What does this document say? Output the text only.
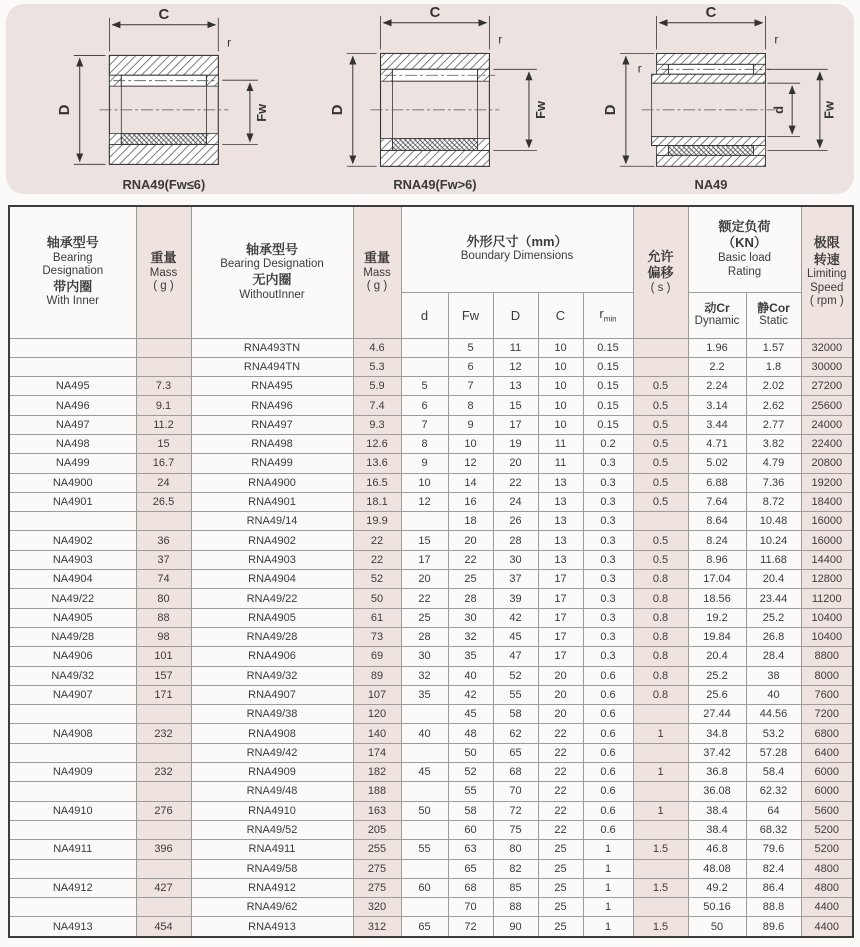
C
r
D	Fw
RNA49(Fw≤6)
C
r
D	Fw
RNA49(Fw>6)
C
r
r
D	d	Fw
NA49
轴承型号
Bearing
Designation
带内圈
With Inner

重量
Mass
( g )

轴承型号
Bearing Designation
无内圈
WithoutInner

重量
Mass
( g )

外形尺寸（mm）
Boundary Dimensions	允许
偏移
( s )

额定负荷
（KN）
Basic load
Rating

极限
转速
Limiting
Speed
( rpm )

d	Fw	D	C	$r_{min}$	
动Cr
Dynamic

静Cor
Static

		RNA493TN	4.6		5	11	10	0.15		1.96	1.57	32000
		RNA494TN	5.3		6	12	10	0.15		2.2	1.8	30000
NA495	7.3	RNA495	5.9	5	7	13	10	0.15	0.5	2.24	2.02	27200
NA496	9.1	RNA496	7.4	6	8	15	10	0.15	0.5	3.14	2.62	25600
NA497	11.2	RNA497	9.3	7	9	17	10	0.15	0.5	3.44	2.77	24000
NA498	15	RNA498	12.6	8	10	19	11	0.2	0.5	4.71	3.82	22400
NA499	16.7	RNA499	13.6	9	12	20	11	0.3	0.5	5.02	4.79	20800
NA4900	24	RNA4900	16.5	10	14	22	13	0.3	0.5	6.88	7.36	19200
NA4901	26.5	RNA4901	18.1	12	16	24	13	0.3	0.5	7.64	8.72	18400
		RNA49/14	19.9		18	26	13	0.3		8.64	10.48	16000
NA4902	36	RNA4902	22	15	20	28	13	0.3	0.5	8.24	10.24	16000
NA4903	37	RNA4903	22	17	22	30	13	0.3	0.5	8.96	11.68	14400
NA4904	74	RNA4904	52	20	25	37	17	0.3	0.8	17.04	20.4	12800
NA49/22	80	RNA49/22	50	22	28	39	17	0.3	0.8	18.56	23.44	11200
NA4905	88	RNA4905	61	25	30	42	17	0.3	0.8	19.2	25.2	10400
NA49/28	98	RNA49/28	73	28	32	45	17	0.3	0.8	19.84	26.8	10400
NA4906	101	RNA4906	69	30	35	47	17	0.3	0.8	20.4	28.4	8800
NA49/32	157	RNA49/32	89	32	40	52	20	0.6	0.8	25.2	38	8000
NA4907	171	RNA4907	107	35	42	55	20	0.6	0.8	25.6	40	7600
		RNA49/38	120		45	58	20	0.6		27.44	44.56	7200
NA4908	232	RNA4908	140	40	48	62	22	0.6	1	34.8	53.2	6800
		RNA49/42	174		50	65	22	0.6		37.42	57.28	6400
NA4909	232	RNA4909	182	45	52	68	22	0.6	1	36.8	58.4	6000
		RNA49/48	188		55	70	22	0.6		36.08	62.32	6000
NA4910	276	RNA4910	163	50	58	72	22	0.6	1	38.4	64	5600
		RNA49/52	205		60	75	22	0.6		38.4	68.32	5200
NA4911	396	RNA4911	255	55	63	80	25	1	1.5	46.8	79.6	5200
		RNA49/58	275		65	82	25	1		48.08	82.4	4800
NA4912	427	RNA4912	275	60	68	85	25	1	1.5	49.2	86.4	4800
		RNA49/62	320		70	88	25	1		50.16	88.8	4400
NA4913	454	RNA4913	312	65	72	90	25	1	1.5	50	89.6	4400
